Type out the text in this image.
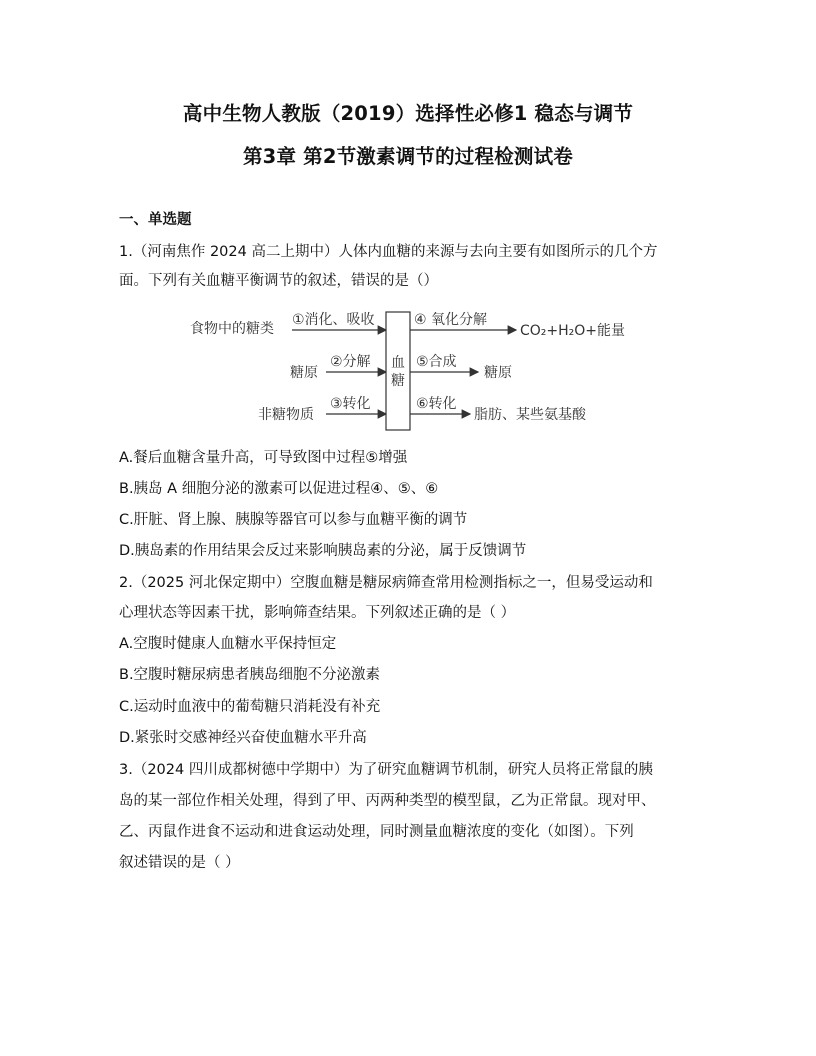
高中生物人教版（2019）选择性必修1 稳态与调节
第3章 第2节激素调节的过程检测试卷
一、单选题
1.（河南焦作 2024 高二上期中）人体内血糖的来源与去向主要有如图所示的几个方
面。下列有关血糖平衡调节的叙述，错误的是（）
食物中的糖类
糖原
非糖物质
①消化、吸收
②分解
③转化
血
糖
④ 氧化分解
⑤合成
⑥转化
CO₂+H₂O+能量
糖原
脂肪、某些氨基酸
A.餐后血糖含量升高，可导致图中过程⑤增强
B.胰岛 A 细胞分泌的激素可以促进过程④、⑤、⑥
C.肝脏、肾上腺、胰腺等器官可以参与血糖平衡的调节
D.胰岛素的作用结果会反过来影响胰岛素的分泌，属于反馈调节
2.（2025 河北保定期中）空腹血糖是糖尿病筛查常用检测指标之一，但易受运动和
心理状态等因素干扰，影响筛查结果。下列叙述正确的是（ ）
A.空腹时健康人血糖水平保持恒定
B.空腹时糖尿病患者胰岛细胞不分泌激素
C.运动时血液中的葡萄糖只消耗没有补充
D.紧张时交感神经兴奋使血糖水平升高
3.（2024 四川成都树德中学期中）为了研究血糖调节机制，研究人员将正常鼠的胰
岛的某一部位作相关处理，得到了甲、丙两种类型的模型鼠，乙为正常鼠。现对甲、
乙、丙鼠作进食不运动和进食运动处理，同时测量血糖浓度的变化（如图）。下列
叙述错误的是（ ）
